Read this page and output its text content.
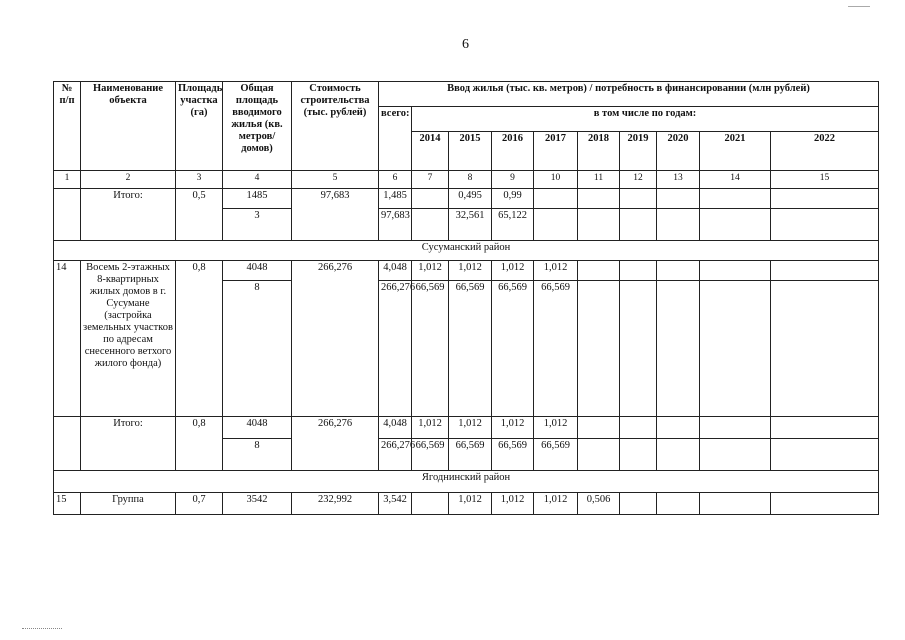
6
№ п/п	Наименование объекта	Площадь участка (га)	Общая площадь вводимого жилья (кв. метров/ домов)	Стоимость строительства (тыс. рублей)	Ввод жилья (тыс. кв. метров) / потребность в финансировании (млн рублей)									
					всего:	в том числе по годам:								
						2014	2015	2016	2017	2018	2019	2020	2021	2022

1	2	3	4	5	6	7	8	9	10	11	12	13	14	15
	Итого:	0,5	1485	97,683	1,485		0,495	0,99						
			3		97,683		32,561	65,122						
Сусуманский район														
14	Восемь 2-этажных 8-квартирных жилых домов в г. Сусумане (застройка земельных участков по адресам снесенного ветхого жилого фонда)	0,8	4048	266,276	4,048	1,012	1,012	1,012	1,012					
			8		266,276	66,569	66,569	66,569	66,569					
	Итого:	0,8	4048	266,276	4,048	1,012	1,012	1,012	1,012					
			8		266,276	66,569	66,569	66,569	66,569					
Ягоднинский район														
15	Группа	0,7	3542	232,992	3,542		1,012	1,012	1,012	0,506				
